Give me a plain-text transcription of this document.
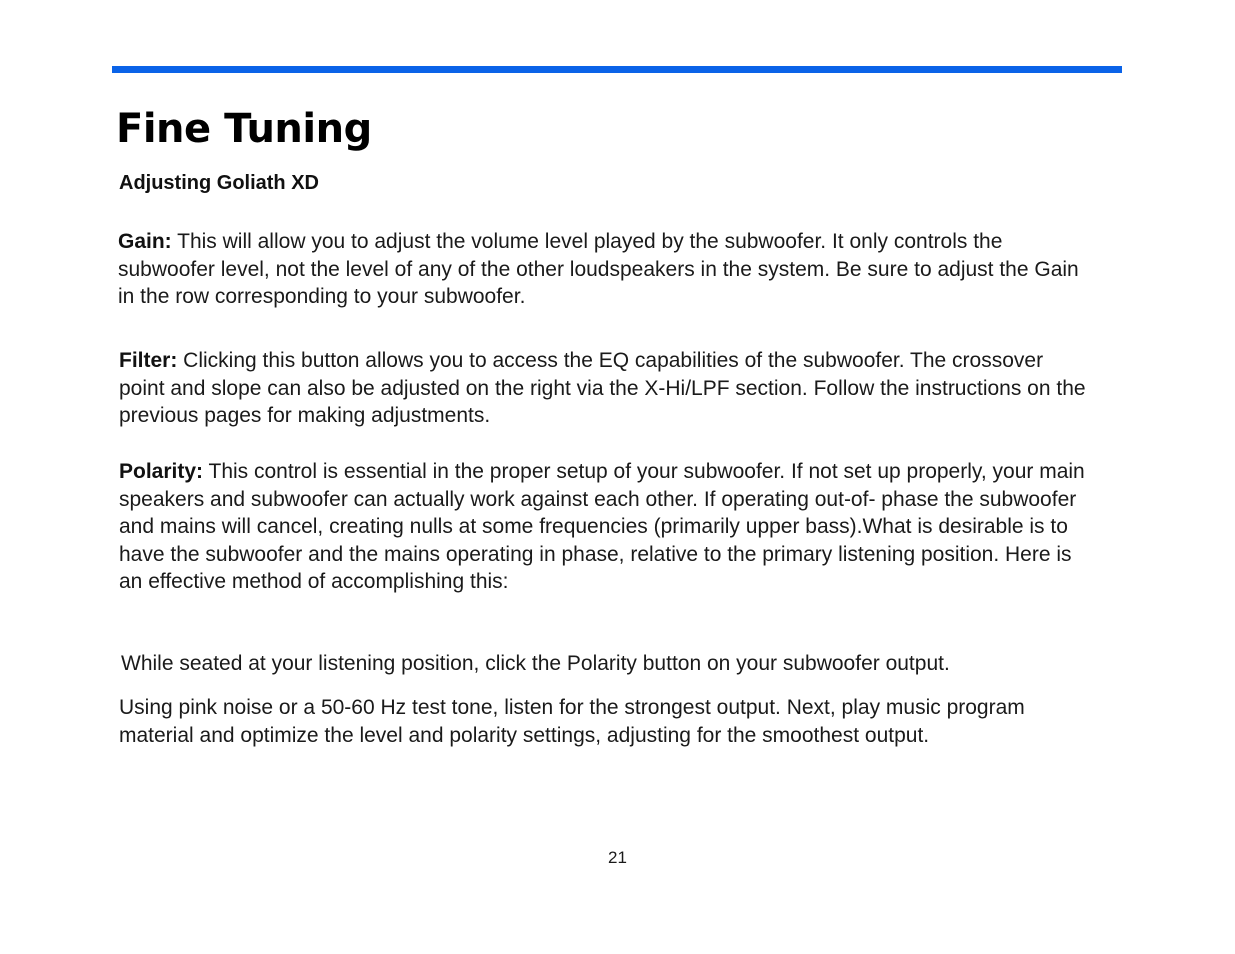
Fine Tuning
Adjusting Goliath XD

Gain: This will allow you to adjust the volume level played by the subwoofer. It only controls the subwoofer level, not the level of any of the other loudspeakers in the system. Be sure to adjust the Gain in the row corresponding to your subwoofer.

Filter: Clicking this button allows you to access the EQ capabilities of the subwoofer. The crossover point and slope can also be adjusted on the right via the X-Hi/LPF section. Follow the instructions on the previous pages for making adjustments.

Polarity: This control is essential in the proper setup of your subwoofer. If not set up properly, your main speakers and subwoofer can actually work against each other. If operating out-of- phase the subwoofer and mains will cancel, creating nulls at some frequencies (primarily upper bass).What is desirable is to have the subwoofer and the mains operating in phase, relative to the primary listening position. Here is an effective method of accomplishing this:

While seated at your listening position, click the Polarity button on your subwoofer output.

Using pink noise or a 50-60 Hz test tone, listen for the strongest output. Next, play music program material and optimize the level and polarity settings, adjusting for the smoothest output.

21
